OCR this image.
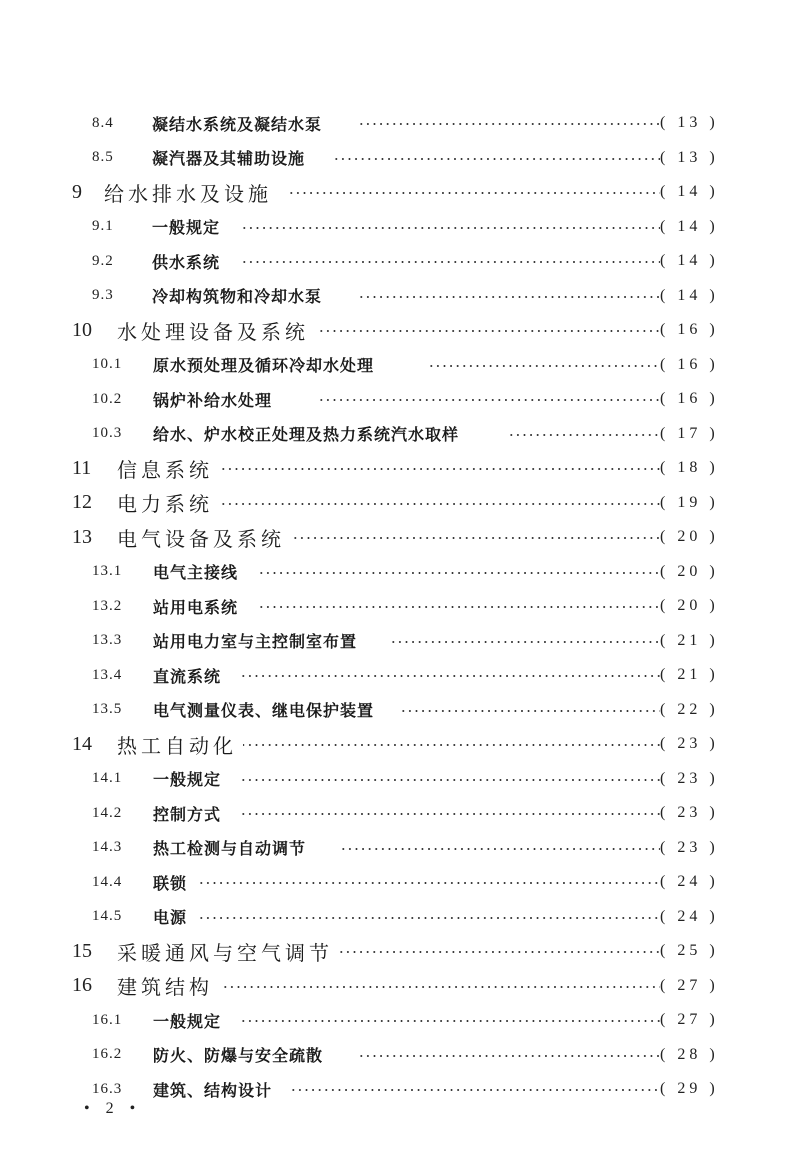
8.4 凝结水系统及凝结水泵	( 13 )
8.5 凝汽器及其辅助设施	( 13 )
9 给水排水及设施	( 14 )
9.1 一般规定	( 14 )
9.2 供水系统	( 14 )
9.3 冷却构筑物和冷却水泵	( 14 )
10 水处理设备及系统	( 16 )
10.1 原水预处理及循环冷却水处理	( 16 )
10.2 锅炉补给水处理	( 16 )
10.3 给水、炉水校正处理及热力系统汽水取样	( 17 )
11 信息系统	( 18 )
12 电力系统	( 19 )
13 电气设备及系统	( 20 )
13.1 电气主接线	( 20 )
13.2 站用电系统	( 20 )
13.3 站用电力室与主控制室布置	( 21 )
13.4 直流系统	( 21 )
13.5 电气测量仪表、继电保护装置	( 22 )
14 热工自动化	( 23 )
14.1 一般规定	( 23 )
14.2 控制方式	( 23 )
14.3 热工检测与自动调节	( 23 )
14.4 联锁	( 24 )
14.5 电源	( 24 )
15 采暖通风与空气调节	( 25 )
16 建筑结构	( 27 )
16.1 一般规定	( 27 )
16.2 防火、防爆与安全疏散	( 28 )
16.3 建筑、结构设计	( 29 )
• 2 •
